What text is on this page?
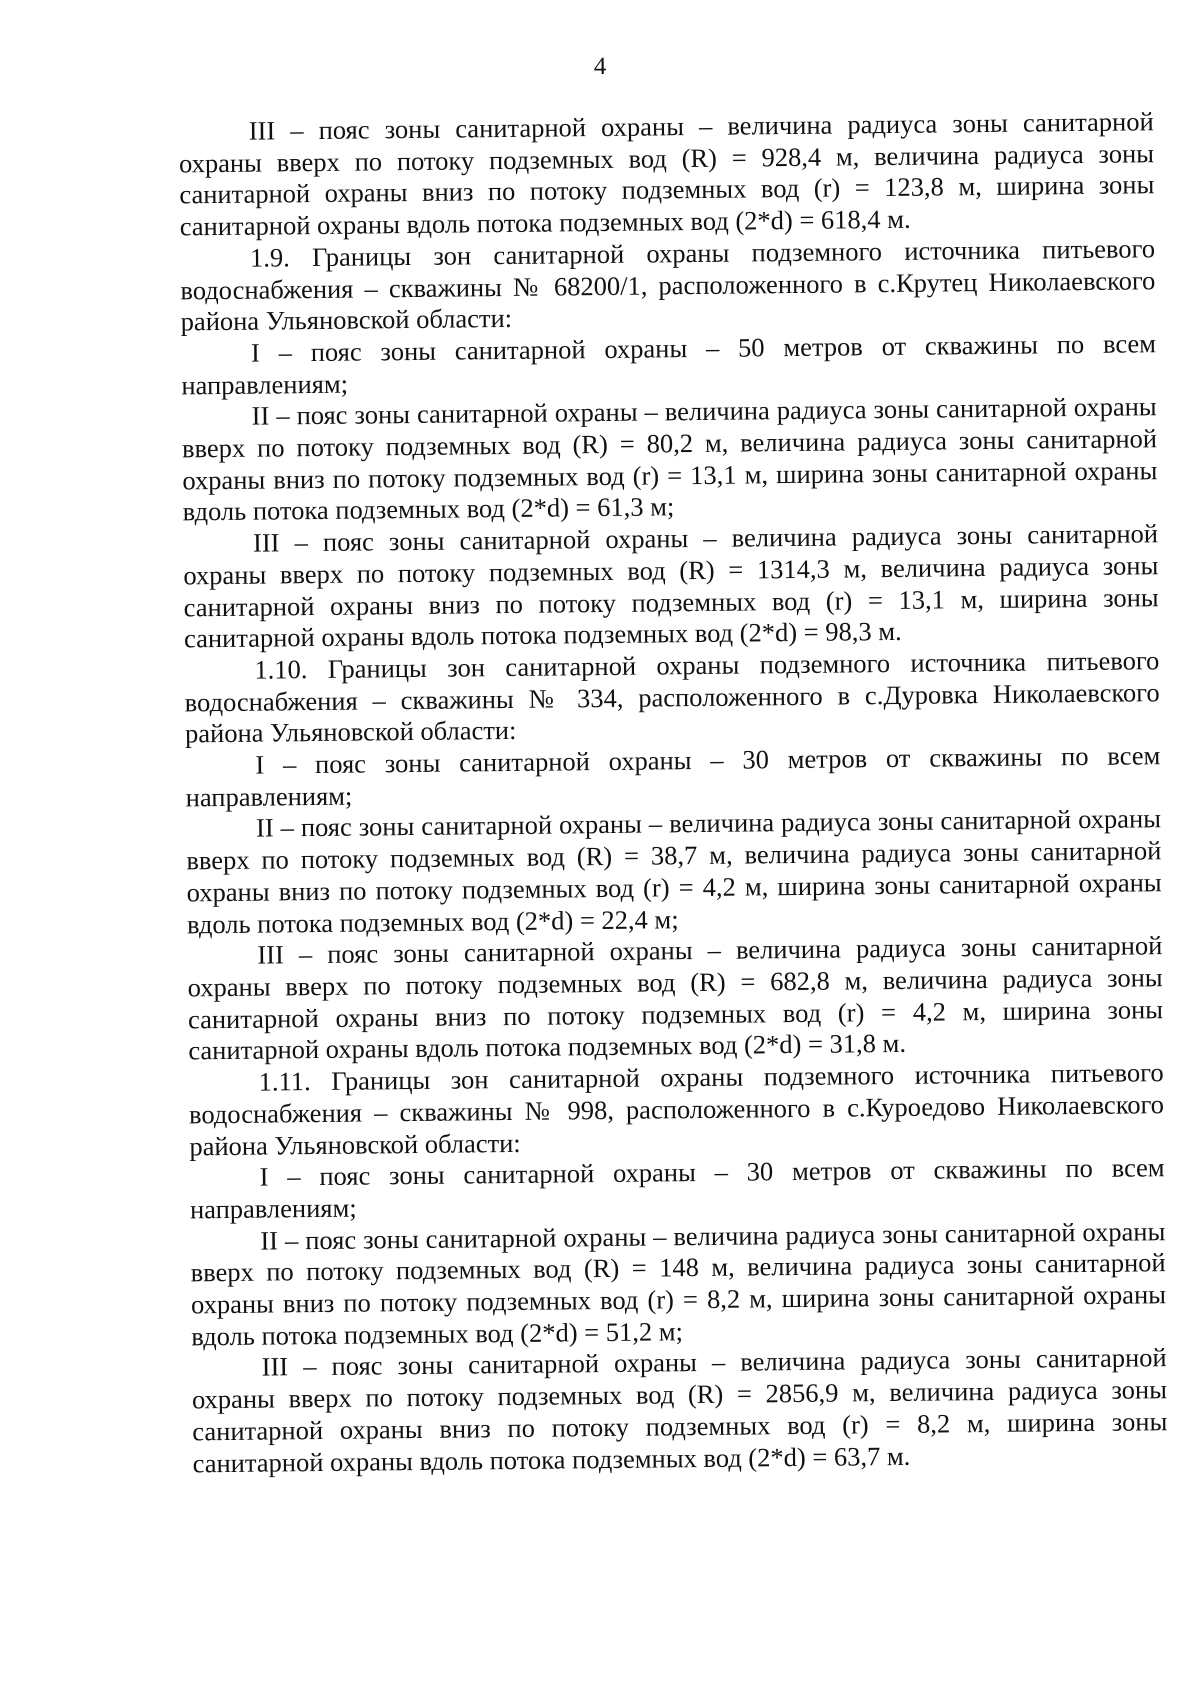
4

III – пояс зоны санитарной охраны – величина радиуса зоны санитарной охраны вверх по потоку подземных вод (R) = 928,4 м, величина радиуса зоны санитарной охраны вниз по потоку подземных вод (r) = 123,8 м, ширина зоны санитарной охраны вдоль потока подземных вод (2*d) = 618,4 м.

1.9. Границы зон санитарной охраны подземного источника питьевого водоснабжения – скважины № 68200/1, расположенного в с.Крутец Николаевского района Ульяновской области:

I – пояс зоны санитарной охраны – 50 метров от скважины по всем направлениям;

II – пояс зоны санитарной охраны – величина радиуса зоны санитарной охраны вверх по потоку подземных вод (R) = 80,2 м, величина радиуса зоны санитарной охраны вниз по потоку подземных вод (r) = 13,1 м, ширина зоны санитарной охраны вдоль потока подземных вод (2*d) = 61,3 м;

III – пояс зоны санитарной охраны – величина радиуса зоны санитарной охраны вверх по потоку подземных вод (R) = 1314,3 м, величина радиуса зоны санитарной охраны вниз по потоку подземных вод (r) = 13,1 м, ширина зоны санитарной охраны вдоль потока подземных вод (2*d) = 98,3 м.

1.10. Границы зон санитарной охраны подземного источника питьевого водоснабжения – скважины № 334, расположенного в с.Дуровка Николаевского района Ульяновской области:

I – пояс зоны санитарной охраны – 30 метров от скважины по всем направлениям;

II – пояс зоны санитарной охраны – величина радиуса зоны санитарной охраны вверх по потоку подземных вод (R) = 38,7 м, величина радиуса зоны санитарной охраны вниз по потоку подземных вод (r) = 4,2 м, ширина зоны санитарной охраны вдоль потока подземных вод (2*d) = 22,4 м;

III – пояс зоны санитарной охраны – величина радиуса зоны санитарной охраны вверх по потоку подземных вод (R) = 682,8 м, величина радиуса зоны санитарной охраны вниз по потоку подземных вод (r) = 4,2 м, ширина зоны санитарной охраны вдоль потока подземных вод (2*d) = 31,8 м.

1.11. Границы зон санитарной охраны подземного источника питьевого водоснабжения – скважины № 998, расположенного в с.Куроедово Николаевского района Ульяновской области:

I – пояс зоны санитарной охраны – 30 метров от скважины по всем направлениям;

II – пояс зоны санитарной охраны – величина радиуса зоны санитарной охраны вверх по потоку подземных вод (R) = 148 м, величина радиуса зоны санитарной охраны вниз по потоку подземных вод (r) = 8,2 м, ширина зоны санитарной охраны вдоль потока подземных вод (2*d) = 51,2 м;

III – пояс зоны санитарной охраны – величина радиуса зоны санитарной охраны вверх по потоку подземных вод (R) = 2856,9 м, величина радиуса зоны санитарной охраны вниз по потоку подземных вод (r) = 8,2 м, ширина зоны санитарной охраны вдоль потока подземных вод (2*d) = 63,7 м.
